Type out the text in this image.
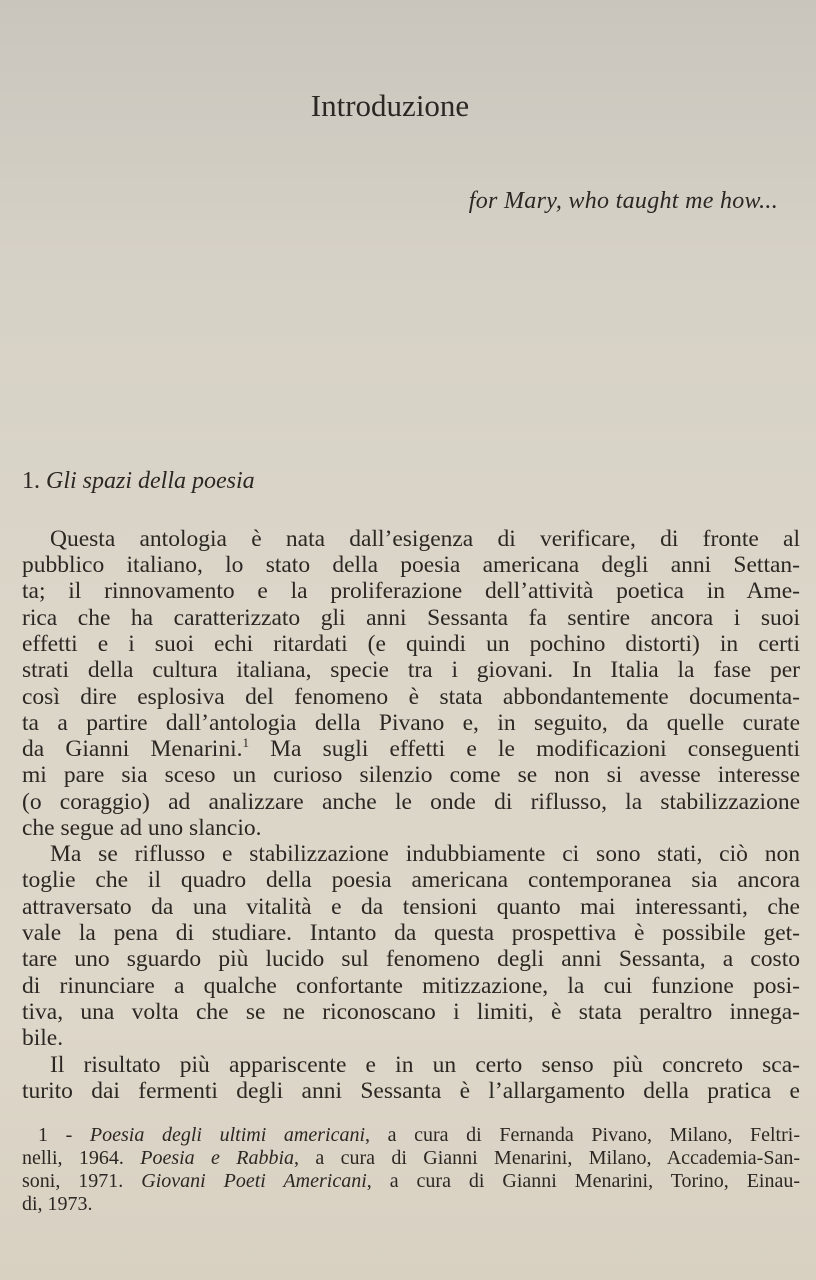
Introduzione
for Mary, who taught me how...
1. Gli spazi della poesia
Questa antologia è nata dall’esigenza di verificare, di fronte al
pubblico italiano, lo stato della poesia americana degli anni Settan-
ta; il rinnovamento e la proliferazione dell’attività poetica in Ame-
rica che ha caratterizzato gli anni Sessanta fa sentire ancora i suoi
effetti e i suoi echi ritardati (e quindi un pochino distorti) in certi
strati della cultura italiana, specie tra i giovani. In Italia la fase per
così dire esplosiva del fenomeno è stata abbondantemente documenta-
ta a partire dall’antologia della Pivano e, in seguito, da quelle curate
da Gianni Menarini.$^1$ Ma sugli effetti e le modificazioni conseguenti
mi pare sia sceso un curioso silenzio come se non si avesse interesse
(o coraggio) ad analizzare anche le onde di riflusso, la stabilizzazione
che segue ad uno slancio.
Ma se riflusso e stabilizzazione indubbiamente ci sono stati, ciò non
toglie che il quadro della poesia americana contemporanea sia ancora
attraversato da una vitalità e da tensioni quanto mai interessanti, che
vale la pena di studiare. Intanto da questa prospettiva è possibile get-
tare uno sguardo più lucido sul fenomeno degli anni Sessanta, a costo
di rinunciare a qualche confortante mitizzazione, la cui funzione posi-
tiva, una volta che se ne riconoscano i limiti, è stata peraltro innega-
bile.
Il risultato più appariscente e in un certo senso più concreto sca-
turito dai fermenti degli anni Sessanta è l’allargamento della pratica e
1 - Poesia degli ultimi americani, a cura di Fernanda Pivano, Milano, Feltri-
nelli, 1964. Poesia e Rabbia, a cura di Gianni Menarini, Milano, Accademia-San-
soni, 1971. Giovani Poeti Americani, a cura di Gianni Menarini, Torino, Einau-
di, 1973.
